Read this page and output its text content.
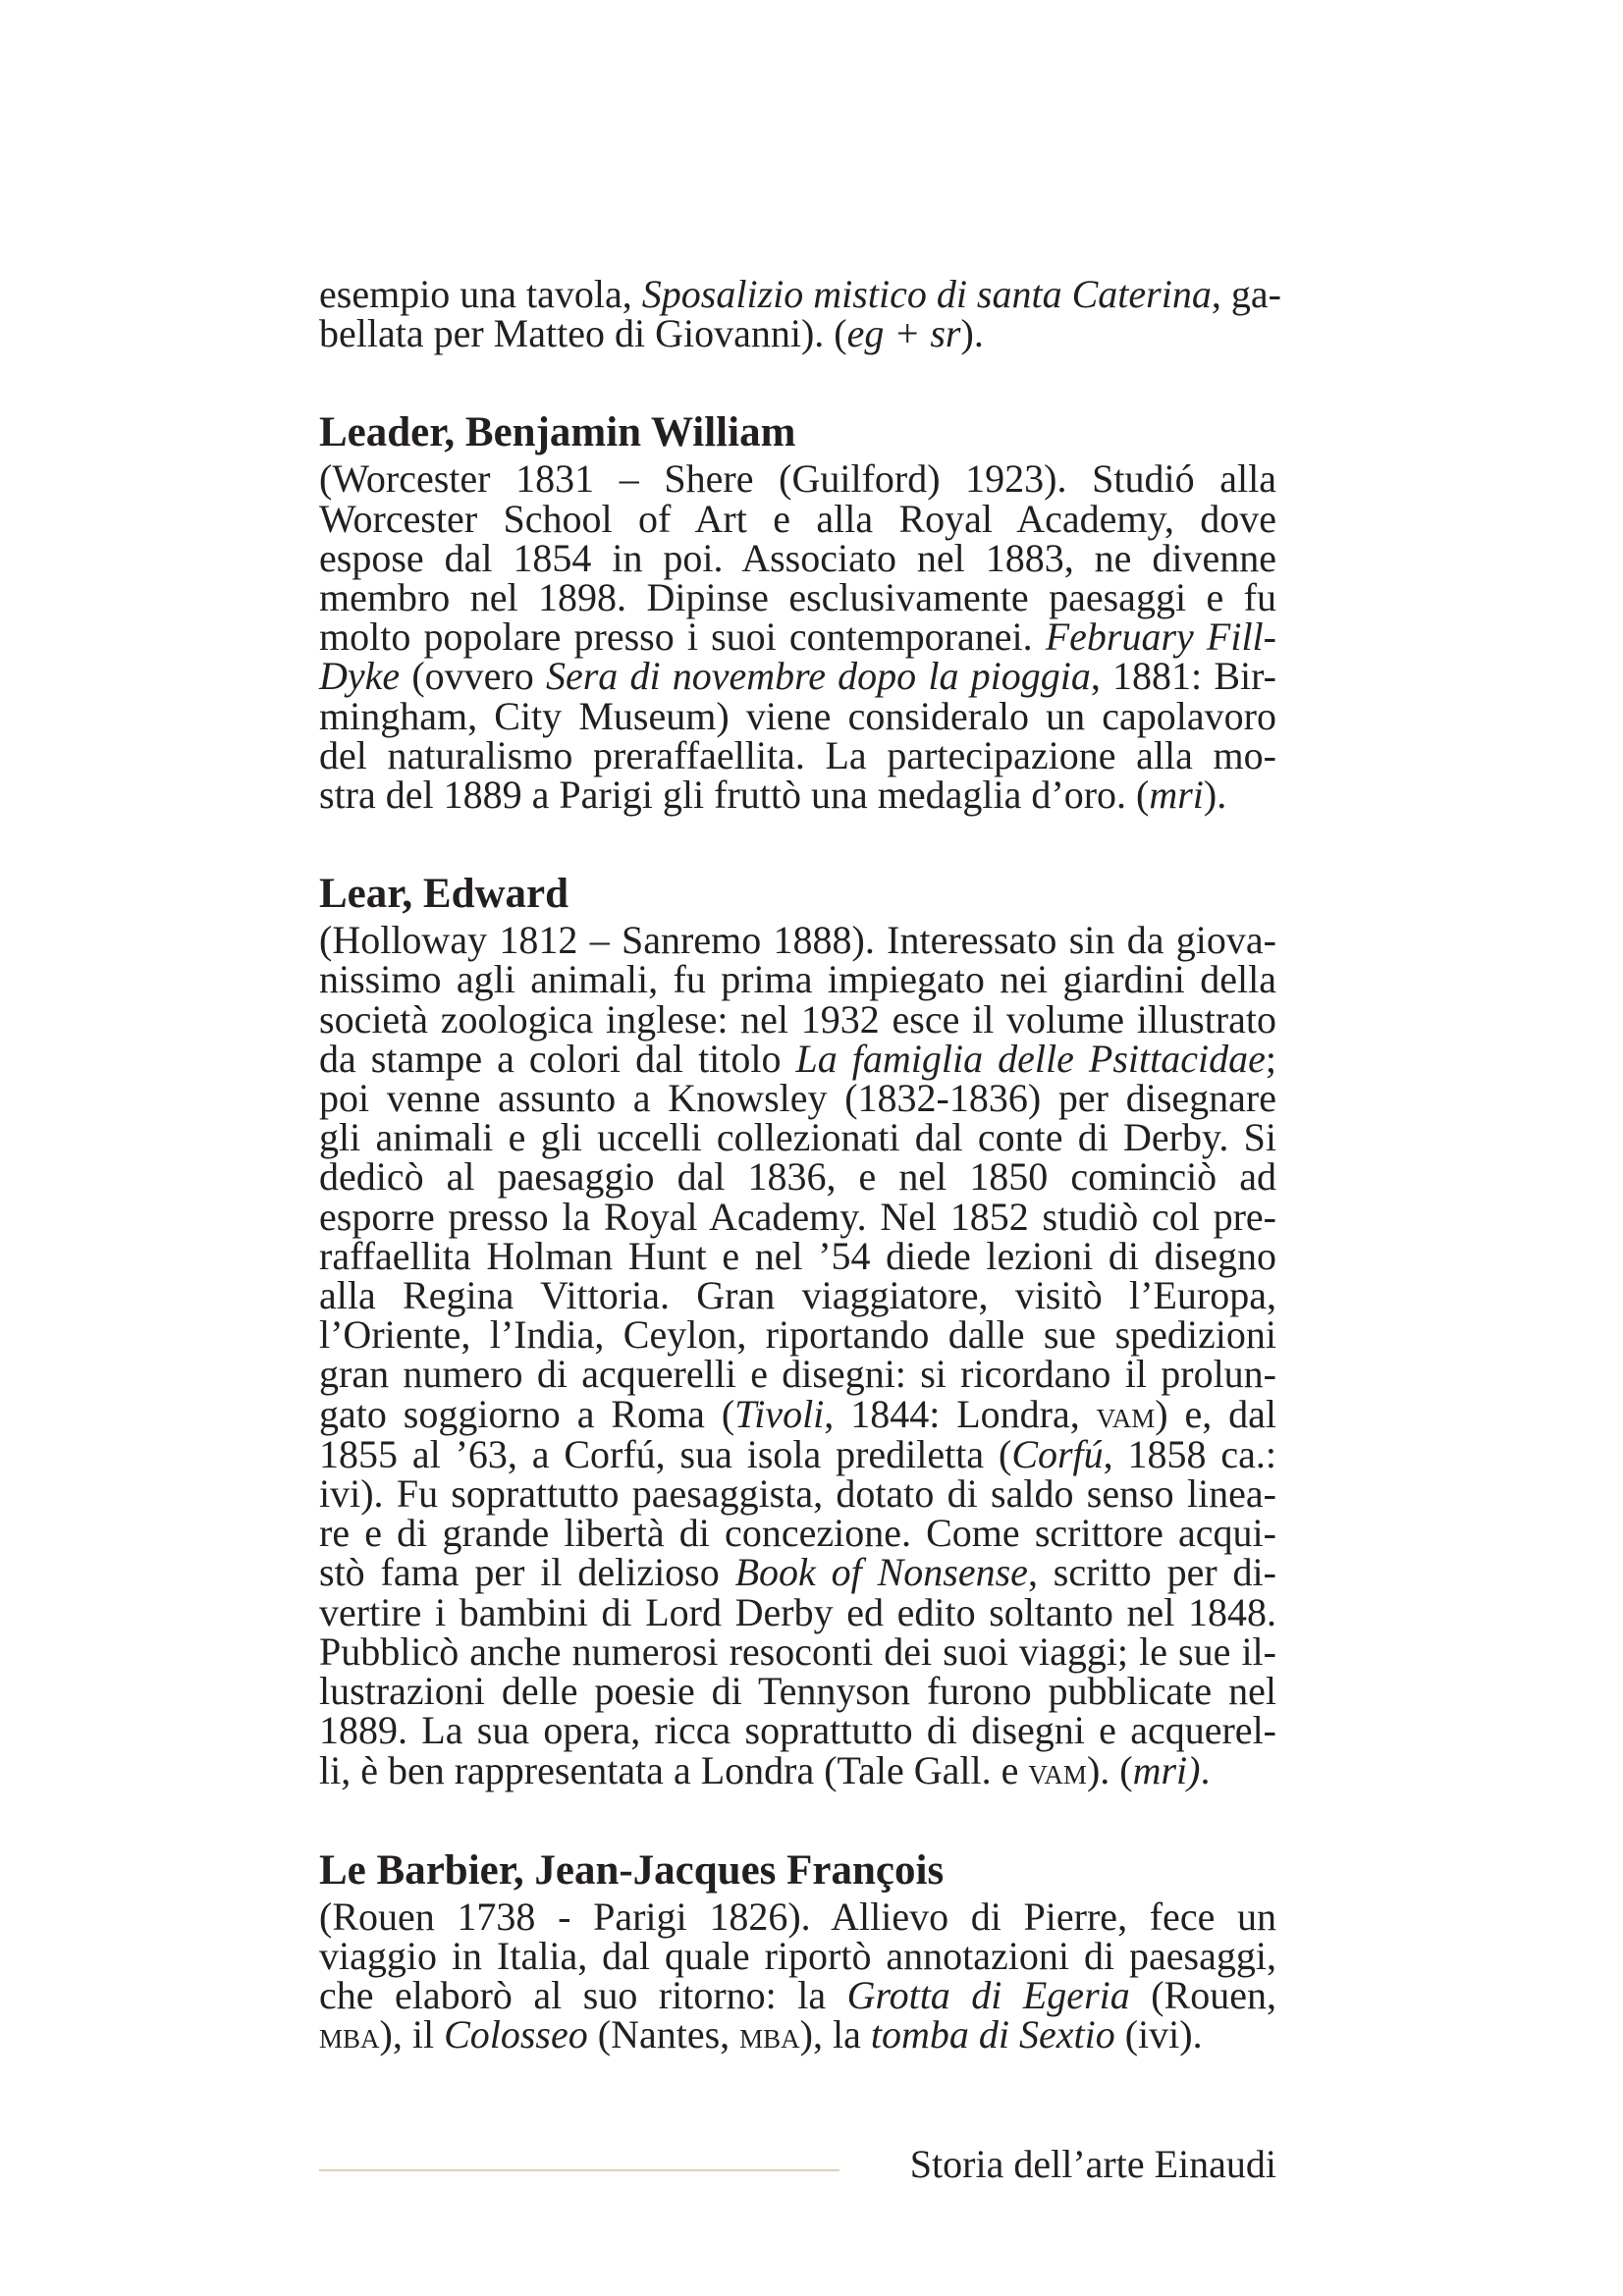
esempio una tavola, Sposalizio mistico di santa Caterina, ga-
bellata per Matteo di Giovanni). (eg + sr).

Leader, Benjamin William

(Worcester 1831 – Shere (Guilford) 1923). Studió alla
Worcester School of Art e alla Royal Academy, dove
espose dal 1854 in poi. Associato nel 1883, ne divenne
membro nel 1898. Dipinse esclusivamente paesaggi e fu
molto popolare presso i suoi contemporanei. February Fill-
Dyke (ovvero Sera di novembre dopo la pioggia, 1881: Bir-
mingham, City Museum) viene consideralo un capolavoro
del naturalismo preraffaellita. La partecipazione alla mo-
stra del 1889 a Parigi gli fruttò una medaglia d’oro. (mri).

Lear, Edward

(Holloway 1812 – Sanremo 1888). Interessato sin da giova-
nissimo agli animali, fu prima impiegato nei giardini della
società zoologica inglese: nel 1932 esce il volume illustrato
da stampe a colori dal titolo La famiglia delle Psittacidae;
poi venne assunto a Knowsley (1832-1836) per disegnare
gli animali e gli uccelli collezionati dal conte di Derby. Si
dedicò al paesaggio dal 1836, e nel 1850 cominciò ad
esporre presso la Royal Academy. Nel 1852 studiò col pre-
raffaellita Holman Hunt e nel ’54 diede lezioni di disegno
alla Regina Vittoria. Gran viaggiatore, visitò l’Europa,
l’Oriente, l’India, Ceylon, riportando dalle sue spedizioni
gran numero di acquerelli e disegni: si ricordano il prolun-
gato soggiorno a Roma (Tivoli, 1844: Londra, vam) e, dal
1855 al ’63, a Corfú, sua isola prediletta (Corfú, 1858 ca.:
ivi). Fu soprattutto paesaggista, dotato di saldo senso linea-
re e di grande libertà di concezione. Come scrittore acqui-
stò fama per il delizioso Book of Nonsense, scritto per di-
vertire i bambini di Lord Derby ed edito soltanto nel 1848.
Pubblicò anche numerosi resoconti dei suoi viaggi; le sue il-
lustrazioni delle poesie di Tennyson furono pubblicate nel
1889. La sua opera, ricca soprattutto di disegni e acquerel-
li, è ben rappresentata a Londra (Tale Gall. e vam). (mri).

Le Barbier, Jean-Jacques François

(Rouen 1738 - Parigi 1826). Allievo di Pierre, fece un
viaggio in Italia, dal quale riportò annotazioni di paesaggi,
che elaborò al suo ritorno: la Grotta di Egeria (Rouen,
mba), il Colosseo (Nantes, mba), la tomba di Sextio (ivi).

Storia dell’arte Einaudi
